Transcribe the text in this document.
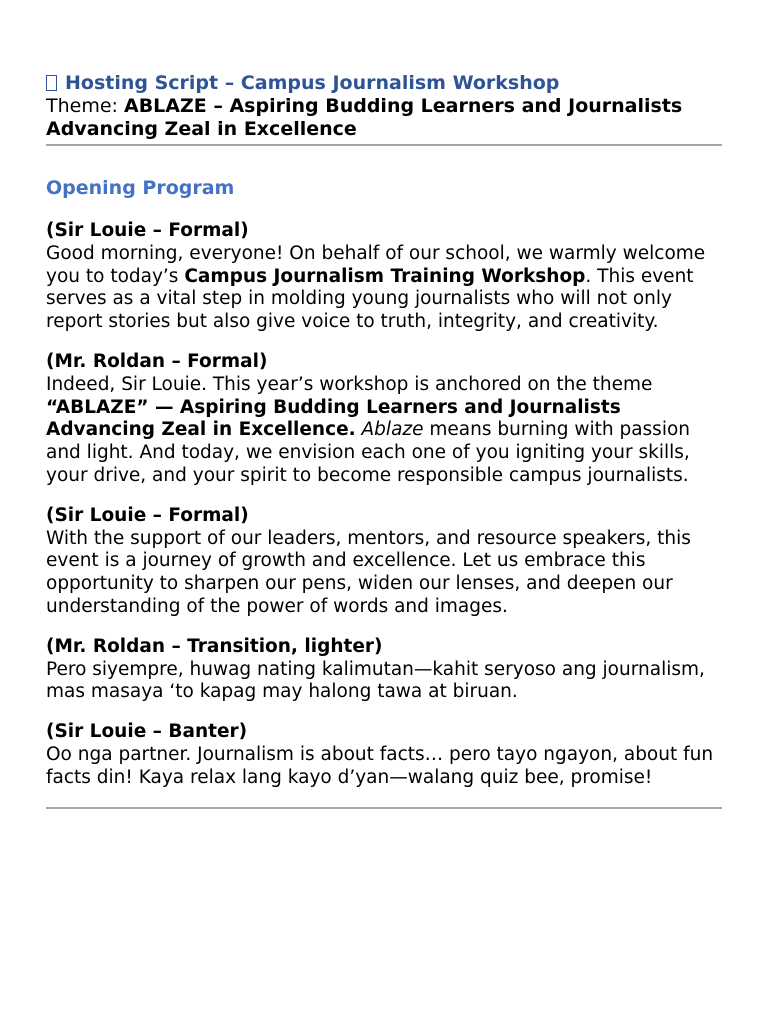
Hosting Script – Campus Journalism Workshop

Theme: ABLAZE – Aspiring Budding Learners and Journalists Advancing Zeal in Excellence

Opening Program

(Sir Louie – Formal)

Good morning, everyone! On behalf of our school, we warmly welcome you to today’s Campus Journalism Training Workshop. This event serves as a vital step in molding young journalists who will not only report stories but also give voice to truth, integrity, and creativity.

(Mr. Roldan – Formal)

Indeed, Sir Louie. This year’s workshop is anchored on the theme “ABLAZE” — Aspiring Budding Learners and Journalists Advancing Zeal in Excellence. Ablaze means burning with passion and light. And today, we envision each one of you igniting your skills, your drive, and your spirit to become responsible campus journalists.

(Sir Louie – Formal)

With the support of our leaders, mentors, and resource speakers, this event is a journey of growth and excellence. Let us embrace this opportunity to sharpen our pens, widen our lenses, and deepen our understanding of the power of words and images.

(Mr. Roldan – Transition, lighter)

Pero siyempre, huwag nating kalimutan—kahit seryoso ang journalism, mas masaya ‘to kapag may halong tawa at biruan.

(Sir Louie – Banter)

Oo nga partner. Journalism is about facts… pero tayo ngayon, about fun facts din! Kaya relax lang kayo d’yan—walang quiz bee, promise!
